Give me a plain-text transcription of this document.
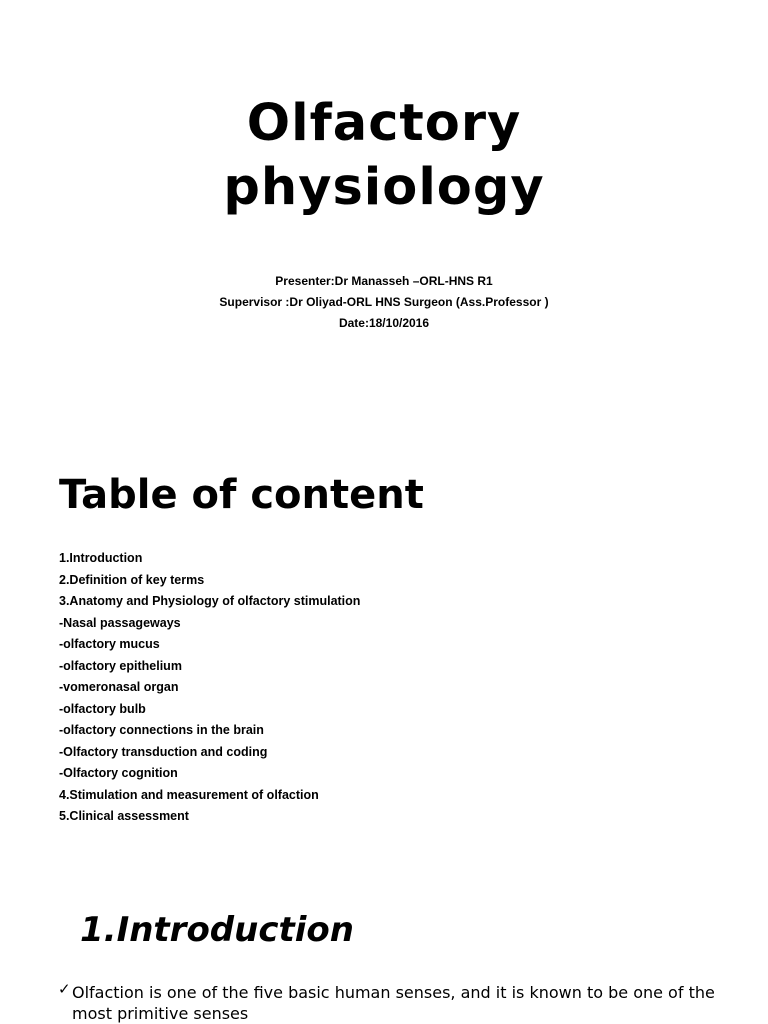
Olfactory
physiology
Presenter:Dr Manasseh –ORL-HNS R1
Supervisor :Dr Oliyad-ORL HNS Surgeon (Ass.Professor )
Date:18/10/2016
Table of content
1.Introduction
2.Definition of key terms
3.Anatomy and Physiology of olfactory stimulation
-Nasal passageways
-olfactory mucus
-olfactory epithelium
-vomeronasal organ
-olfactory bulb
-olfactory connections in the brain
-Olfactory transduction and coding
-Olfactory cognition
4.Stimulation and measurement of olfaction
5.Clinical assessment
1.Introduction
✓ Olfaction is one of the five basic human senses, and it is known to be one of the
most primitive senses
